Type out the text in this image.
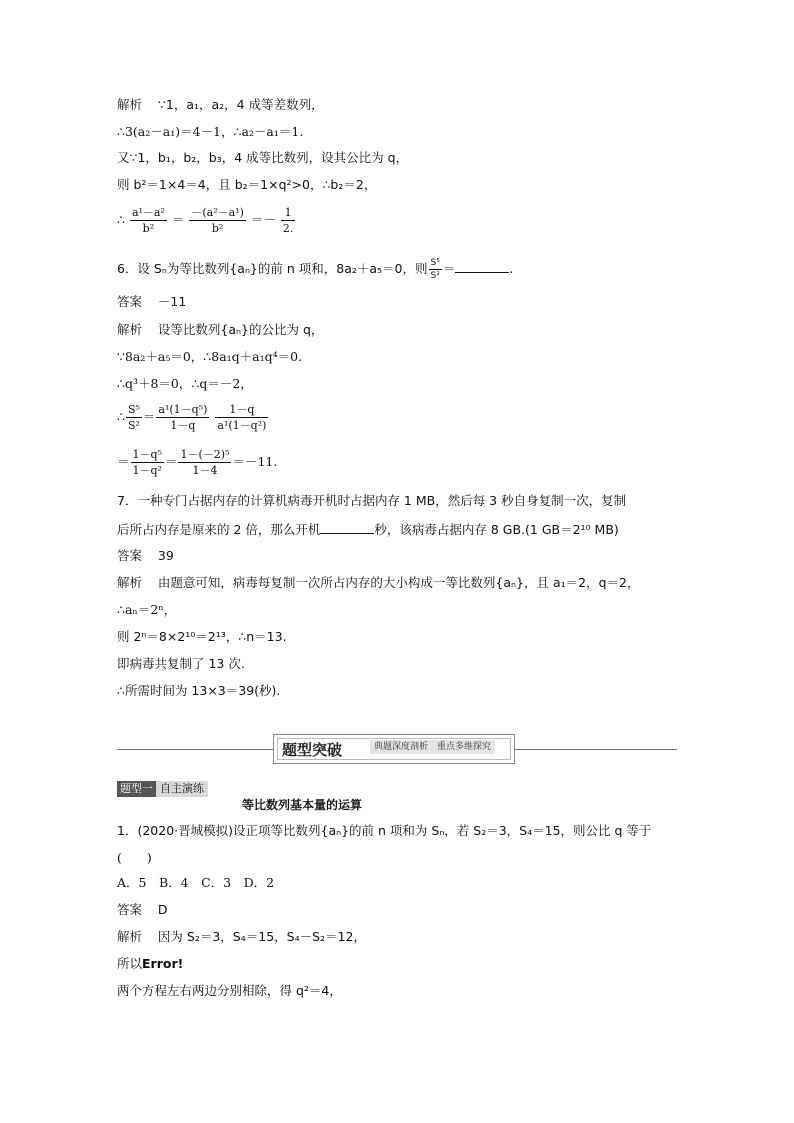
解析 ∵1，a₁，a₂，4 成等差数列，
∴3(a₂－a₁)＝4－1，∴a₂－a₁＝1.
又∵1，b₁，b₂，b₃，4 成等比数列，设其公比为 q，
则 b²＝1×4＝4，且 b₂＝1×q²>0，∴b₂＝2，
∴ $\frac{\text{a¹－a²}}{\text{b²}} = \frac{\text{－(a²－a¹)}}{\text{b²}} =- \frac{1}{2.}$
6．设 Sₙ为等比数列{aₙ}的前 n 项和，8a₂＋a₅＝0，则 $\frac{\text{S⁵}}{\text{S²}}$ ＝	.
答案 －11
解析 设等比数列{aₙ}的公比为 q，
∵8a₂＋a₅＝0，∴8a₁q＋a₁q⁴＝0.
∴q³＋8＝0，∴q＝－2，
∴ $\frac{\text{S⁵}}{\text{S²}} = \frac{\text{a¹(1－q⁵)}}{1-q}$
$\frac{1-q}{\text{a¹(1－q²)}}$
＝ $\frac{\text{1－q⁵}}{\text{1－q²}} = \frac{\text{1－(－2)⁵}}{1-4} =-11$.
7．一种专门占据内存的计算机病毒开机时占据内存 1 MB，然后每 3 秒自身复制一次，复制
后所占内存是原来的 2 倍，那么开机	秒，该病毒占据内存 8 GB.(1 GB＝2¹⁰ MB)
答案 39
解析 由题意可知，病毒每复制一次所占内存的大小构成一等比数列{aₙ}，且 a₁＝2，q＝2，
∴aₙ＝2ⁿ，
则 2ⁿ＝8×2¹⁰＝2¹³，∴n＝13.
即病毒共复制了 13 次.
∴所需时间为 13×3＝39(秒).
题型突破	典题深度剖析　重点多维探究
题型一 自主演练
等比数列基本量的运算
1．(2020·晋城模拟)设正项等比数列{aₙ}的前 n 项和为 Sₙ，若 S₂＝3，S₄＝15，则公比 q 等于
(　　)
A．5　B．4　C．3　D．2
答案 D
解析 因为 S₂＝3，S₄＝15，S₄－S₂＝12，
所以Error!
两个方程左右两边分别相除，得 q²＝4，
